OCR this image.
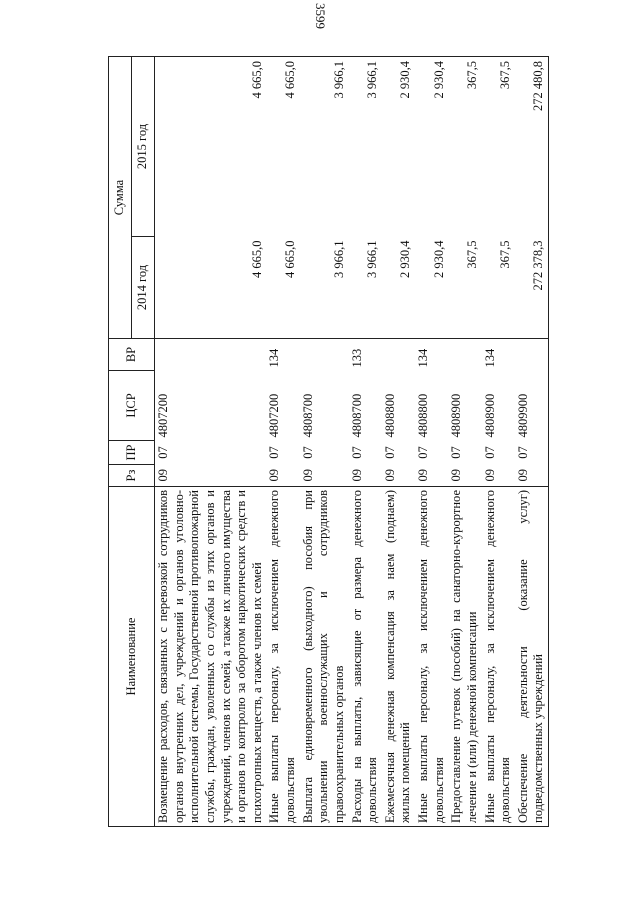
3599
Наименование	Рз	ПР	ЦСР	ВР	Сумма	
					2014 год	2015 год
Возмещение расходов, связанных с перевозкой сотрудников органов внутренних дел, учреждений и органов уголовно-исполнительной системы, Государственной противопожарной службы, граждан, уволенных со службы из этих органов и учреждений, членов их семей, а также их личного имущества и органов по контролю за оборотом наркотических средств и психотропных веществ, а также членов их семей	09	07	4807200		4 665,0	4 665,0
Иные выплаты персоналу, за исключением денежного довольствия	09	07	4807200	134	4 665,0	4 665,0
Выплата единовременного (выходного) пособия при увольнении военнослужащих и сотрудников правоохранительных органов	09	07	4808700		3 966,1	3 966,1
Расходы на выплаты, зависящие от размера денежного довольствия	09	07	4808700	133	3 966,1	3 966,1
Ежемесячная денежная компенсация за наем (поднаем) жилых помещений	09	07	4808800		2 930,4	2 930,4
Иные выплаты персоналу, за исключением денежного довольствия	09	07	4808800	134	2 930,4	2 930,4
Предоставление путевок (пособий) на санаторно-курортное лечение и (или) денежной компенсации	09	07	4808900		367,5	367,5
Иные выплаты персоналу, за исключением денежного довольствия	09	07	4808900	134	367,5	367,5
Обеспечение деятельности (оказание услуг) подведомственных учреждений	09	07	4809900		272 378,3	272 480,8
